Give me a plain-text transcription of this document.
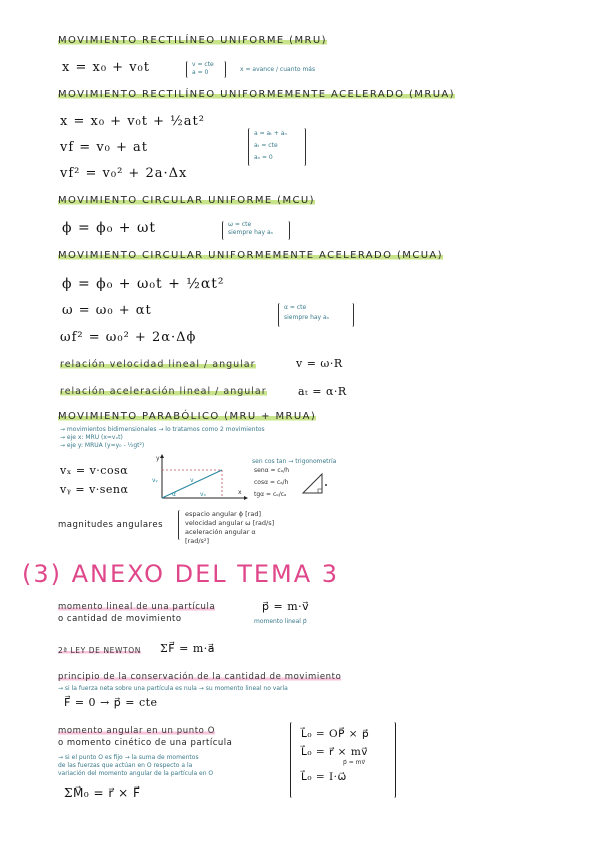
MOVIMIENTO RECTILÍNEO UNIFORME (MRU)
x = x₀ + v₀t	v = cte
a = 0	x = avance / cuanto más
MOVIMIENTO RECTILÍNEO UNIFORMEMENTE ACELERADO (MRUA)
x = x₀ + v₀t + ½at²
vf = v₀ + at
vf² = v₀² + 2a·Δx
a = aₜ + aₙ
aₜ = cte
aₙ = 0
MOVIMIENTO CIRCULAR UNIFORME (MCU)
ϕ = ϕ₀ + ωt	ω = cte
siempre hay aₙ
MOVIMIENTO CIRCULAR UNIFORMEMENTE ACELERADO (MCUA)
ϕ = ϕ₀ + ω₀t + ½αt²
ω = ω₀ + αt
ωf² = ω₀² + 2α·Δϕ
α = cte
siempre hay aₙ
relación velocidad lineal / angular	v = ω·R
relación aceleración lineal / angular	aₜ = α·R
MOVIMIENTO PARABÓLICO (MRU + MRUA)
→ movimientos bidimensionales → lo tratamos como 2 movimientos
→ eje x: MRU (x=vₓt)
→ eje y: MRUA (y=y₀ - ½gt²)
vₓ = v·cosα
vᵧ = v·senα
vᵧ
vₓ
v
α
y
x
sen cos tan → trigonometría
senα = cₒ/h
cosα = cₐ/h
tgα = cₒ/cₐ
magnitudes angulares
espacio angular ϕ [rad]
velocidad angular ω [rad/s]
aceleración angular α [rad/s²]
(3) ANEXO DEL TEMA 3
momento lineal de una partícula
o cantidad de movimiento
p⃗ = m·v⃗
momento lineal p⃗
2ª LEY DE NEWTON ΣF⃗ = m·a⃗
principio de la conservación de la cantidad de movimiento
→ si la fuerza neta sobre una partícula es nula → su momento lineal no varía
F⃗ = 0 → p⃗ = cte
momento angular en un punto O
o momento cinético de una partícula
→ si el punto O es fijo → la suma de momentos
de las fuerzas que actúan en O respecto a la
variación del momento angular de la partícula en O
ΣM⃗₀ = r⃗ × F⃗
L⃗₀ = OP⃗ × p⃗
L⃗₀ = r⃗ × mv⃗
p⃗ = mv⃗
L⃗₀ = I·ω⃗
